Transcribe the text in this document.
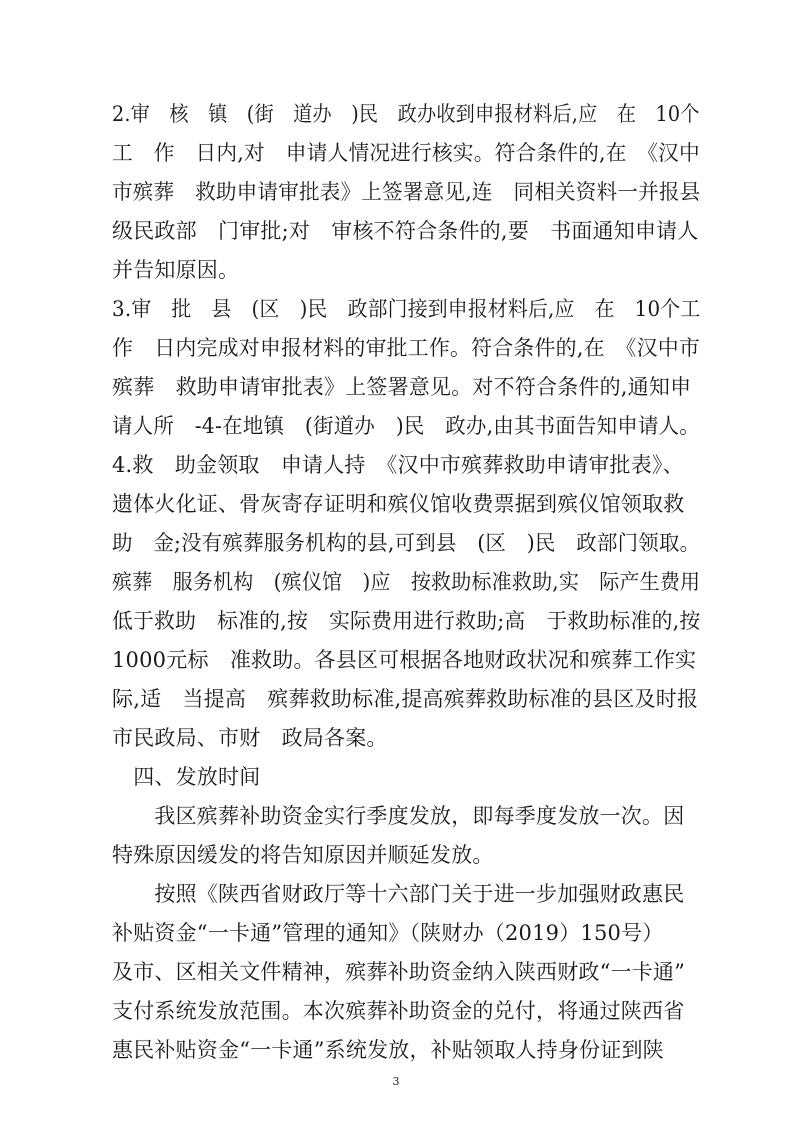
2.审　核　镇　(街　道办　)民　政办收到申报材料后,应　在　10个
工　作　日内,对　申请人情况进行核实。符合条件的,在　《汉中
市殡葬　救助申请审批表》上签署意见,连　同相关资料一并报县
级民政部　门审批;对　审核不符合条件的,要　书面通知申请人
并告知原因。
3.审　批　县　(区　)民　政部门接到申报材料后,应　在　10个工
作　日内完成对申报材料的审批工作。符合条件的,在　《汉中市
殡葬　救助申请审批表》上签署意见。对不符合条件的,通知申
请人所　-4-在地镇　(街道办　)民　政办,由其书面告知申请人。
4.救　助金领取　申请人持　《汉中市殡葬救助申请审批表》、
遗体火化证、骨灰寄存证明和殡仪馆收费票据到殡仪馆领取救
助　金;没有殡葬服务机构的县,可到县　(区　)民　政部门领取。
殡葬　服务机构　(殡仪馆　)应　按救助标准救助,实　际产生费用
低于救助　标准的,按　实际费用进行救助;高　于救助标准的,按
1000元标　准救助。各县区可根据各地财政状况和殡葬工作实
际,适　当提高　殡葬救助标准,提高殡葬救助标准的县区及时报
市民政局、市财　政局各案。
　四、发放时间
　　我区殡葬补助资金实行季度发放，即每季度发放一次。因
特殊原因缓发的将告知原因并顺延发放。
　　按照《陕西省财政厅等十六部门关于进一步加强财政惠民
补贴资金“一卡通”管理的通知》（陕财办（2019）150号）
及市、区相关文件精神，殡葬补助资金纳入陕西财政“一卡通”
支付系统发放范围。本次殡葬补助资金的兑付，将通过陕西省
惠民补贴资金“一卡通”系统发放，补贴领取人持身份证到陕
3
